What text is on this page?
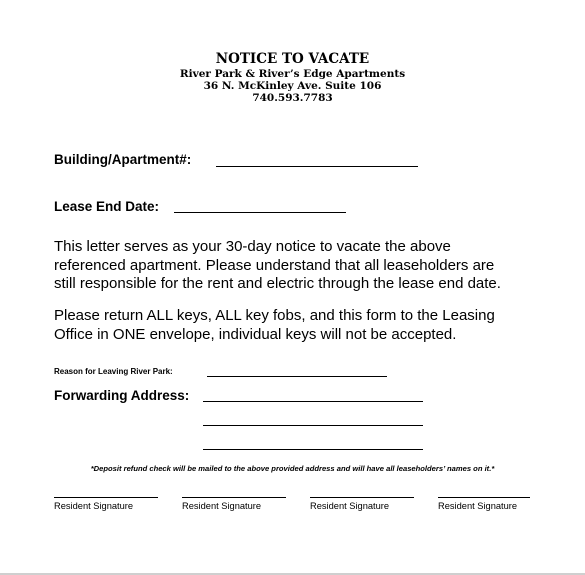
NOTICE TO VACATE
River Park & River’s Edge Apartments
36 N. McKinley Ave. Suite 106
740.593.7783
Building/Apartment#:
Lease End Date:
This letter serves as your 30-day notice to vacate the above
referenced apartment. Please understand that all leaseholders are
still responsible for the rent and electric through the lease end date.
Please return ALL keys, ALL key fobs, and this form to the Leasing
Office in ONE envelope, individual keys will not be accepted.
Reason for Leaving River Park:
Forwarding Address:
*Deposit refund check will be mailed to the above provided address and will have all leaseholders’ names on it.*
Resident Signature	Resident Signature	Resident Signature	Resident Signature
